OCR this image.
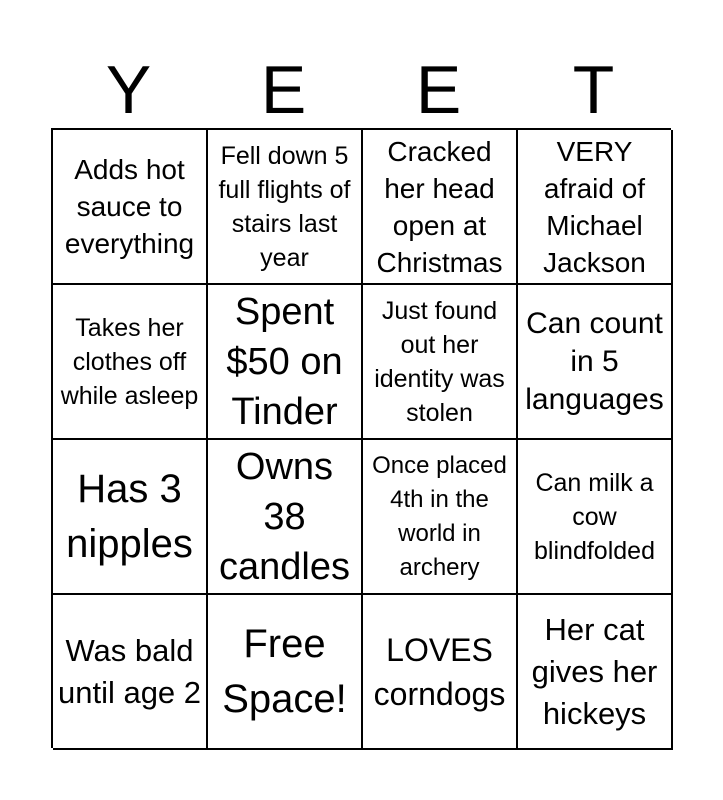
Y	E	E	T
Adds hot sauce to everything
Fell down 5 full flights of stairs last year
Cracked her head open at Christmas
VERY afraid of Michael Jackson
Takes her clothes off while asleep
Spent $50 on Tinder
Just found out her identity was stolen
Can count in 5 languages
Has 3 nipples
Owns 38 candles
Once placed 4th in the world in archery
Can milk a cow blindfolded
Was bald until age 2
Free Space!
LOVES corndogs
Her cat gives her hickeys
